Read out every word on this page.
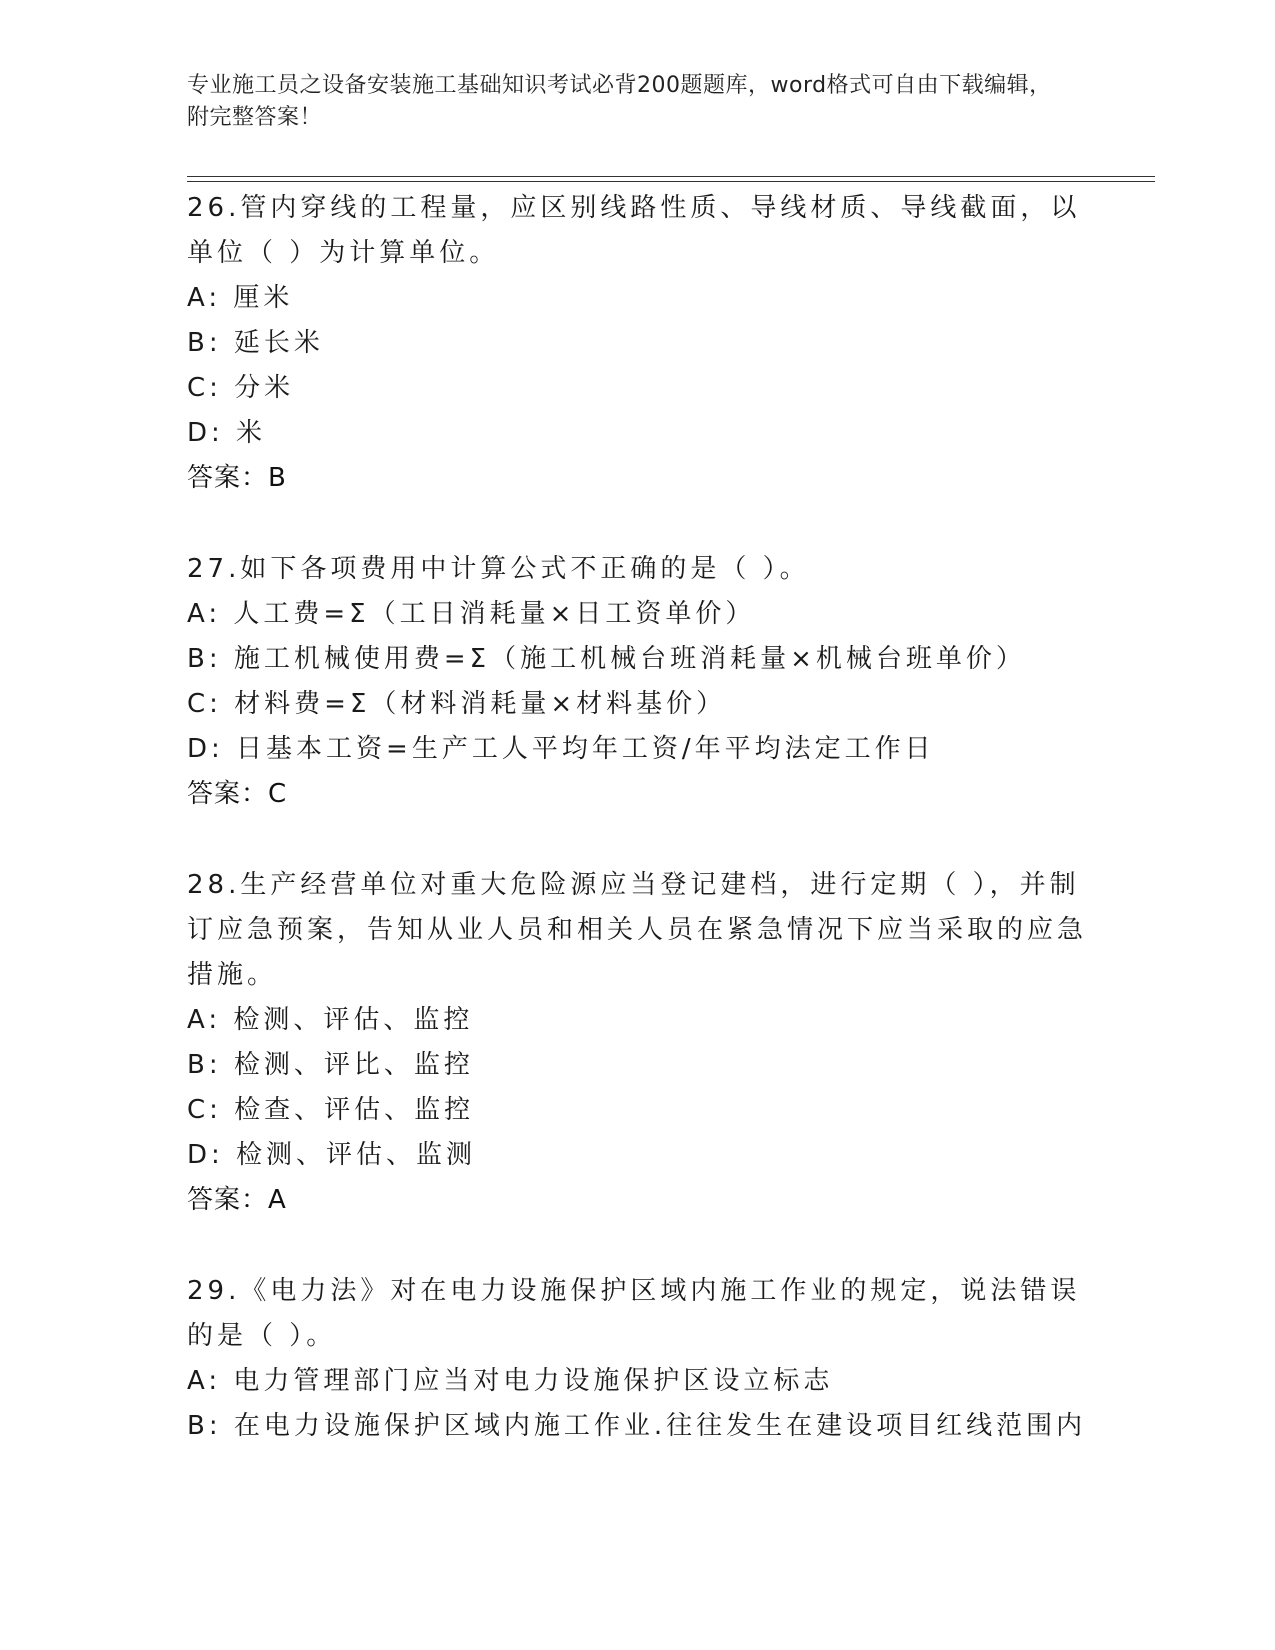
专业施工员之设备安装施工基础知识考试必背200题题库，word格式可自由下载编辑，附完整答案！
26.管内穿线的工程量，应区别线路性质、导线材质、导线截面，以单位（ ）为计算单位。
A: 厘米
B: 延长米
C: 分米
D: 米
答案：B
27.如下各项费用中计算公式不正确的是（ ）。
A: 人工费=Σ（工日消耗量×日工资单价）
B: 施工机械使用费=Σ（施工机械台班消耗量×机械台班单价）
C: 材料费=Σ（材料消耗量×材料基价）
D: 日基本工资=生产工人平均年工资/年平均法定工作日
答案：C
28.生产经营单位对重大危险源应当登记建档，进行定期（ ），并制订应急预案，告知从业人员和相关人员在紧急情况下应当采取的应急措施。
A: 检测、评估、监控
B: 检测、评比、监控
C: 检查、评估、监控
D: 检测、评估、监测
答案：A
29.《电力法》对在电力设施保护区域内施工作业的规定，说法错误的是（ ）。
A: 电力管理部门应当对电力设施保护区设立标志
B: 在电力设施保护区域内施工作业.往往发生在建设项目红线范围内
